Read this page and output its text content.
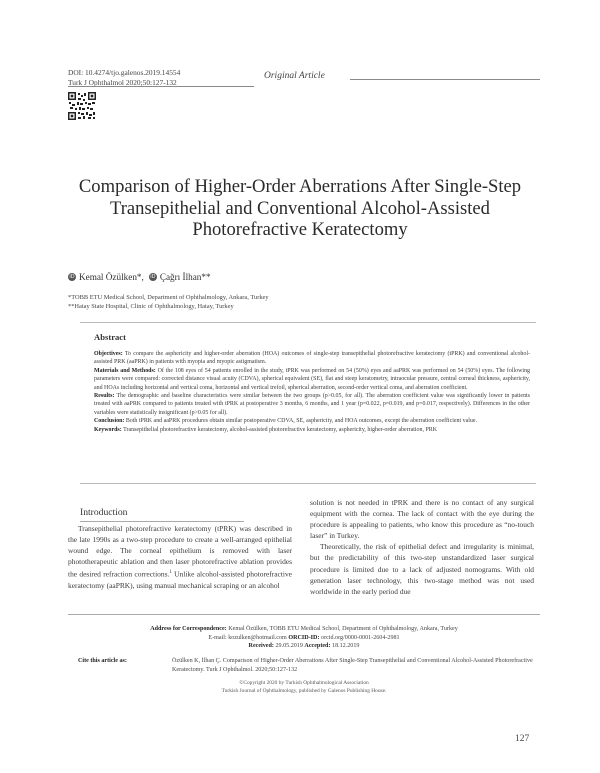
DOI: 10.4274/tjo.galenos.2019.14554
Turk J Ophthalmol 2020;50:127-132
Original Article
Comparison of Higher-Order Aberrations After Single-Step Transepithelial and Conventional Alcohol-Assisted Photorefractive Keratectomy
iD Kemal Özülken*, iD Çağrı İlhan**
*TOBB ETU Medical School, Department of Ophthalmology, Ankara, Turkey
**Hatay State Hospital, Clinic of Ophthalmology, Hatay, Turkey
Abstract

Objectives: To compare the asphericity and higher-order aberration (HOA) outcomes of single-step transepithelial photorefractive keratectomy (tPRK) and conventional alcohol-assisted PRK (aaPRK) in patients with myopia and myopic astigmatism.

Materials and Methods: Of the 108 eyes of 54 patients enrolled in the study, tPRK was performed on 54 (50%) eyes and aaPRK was performed on 54 (50%) eyes. The following parameters were compared: corrected distance visual acuity (CDVA), spherical equivalent (SE), flat and steep keratometry, intraocular pressure, central corneal thickness, asphericity, and HOAs including horizontal and vertical coma, horizontal and vertical trefoil, spherical aberration, second-order vertical coma, and aberration coefficient.

Results: The demographic and baseline characteristics were similar between the two groups (p>0.05, for all). The aberration coefficient value was significantly lower in patients treated with aaPRK compared to patients treated with tPRK at postoperative 3 months, 6 months, and 1 year (p=0.022, p=0.019, and p=0.017, respectively). Differences in the other variables were statistically insignificant (p>0.05 for all).

Conclusion: Both tPRK and aaPRK procedures obtain similar postoperative CDVA, SE, asphericity, and HOA outcomes, except the aberration coefficient value.

Keywords: Transepithelial photorefractive keratectomy, alcohol-assisted photorefractive keratectomy, asphericity, higher-order aberration, PRK

Introduction

Transepithelial photorefractive keratectomy (tPRK) was described in the late 1990s as a two-step procedure to create a well-arranged epithelial wound edge. The corneal epithelium is removed with laser phototherapeutic ablation and then laser photorefractive ablation provides the desired refraction corrections.$^1$ Unlike alcohol-assisted photorefractive keratectomy (aaPRK), using manual mechanical scraping or an alcohol

solution is not needed in tPRK and there is no contact of any surgical equipment with the cornea. The lack of contact with the eye during the procedure is appealing to patients, who know this procedure as “no-touch laser” in Turkey.

Theoretically, the risk of epithelial defect and irregularity is minimal, but the predictability of this two-step unstandardized laser surgical procedure is limited due to a lack of adjusted nomograms. With old generation laser technology, this two-stage method was not used worldwide in the early period due

Address for Correspondence: Kemal Özülken, TOBB ETU Medical School, Department of Ophthalmology, Ankara, Turkey
E-mail: kozulken@hotmail.com ORCID-ID: orcid.org/0000-0001-2604-2981
Received: 29.05.2019 Accepted: 18.12.2019
Cite this article as:	Özülken K, İlhan Ç. Comparison of Higher-Order Aberrations After Single-Step Transepithelial and Conventional Alcohol-Assisted Photorefractive Keratectomy. Turk J Ophthalmol. 2020;50:127-132
©Copyright 2020 by Turkish Ophthalmological Association
Turkish Journal of Ophthalmology, published by Galenos Publishing House.
127
